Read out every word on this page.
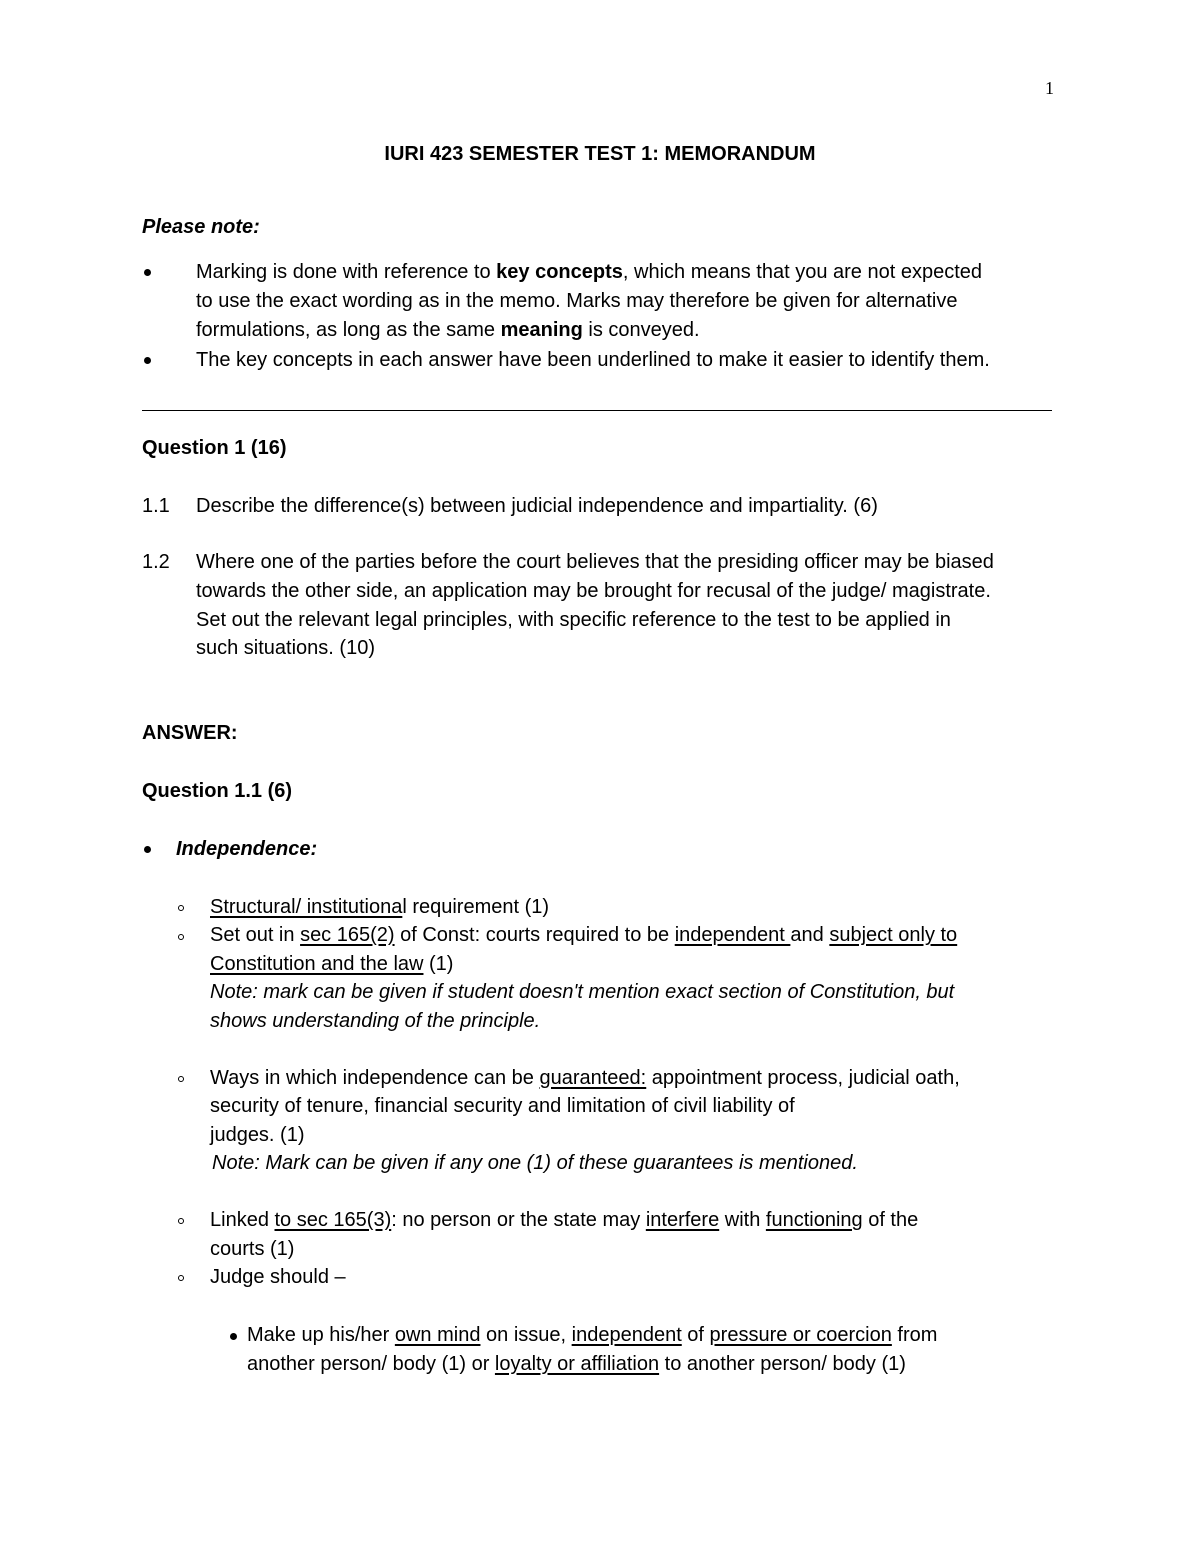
1
IURI 423 SEMESTER TEST 1: MEMORANDUM
Please note:
Marking is done with reference to key concepts, which means that you are not expected
to use the exact wording as in the memo. Marks may therefore be given for alternative
formulations, as long as the same meaning is conveyed.
The key concepts in each answer have been underlined to make it easier to identify them.
Question 1 (16)
1.1 Describe the difference(s) between judicial independence and impartiality. (6)
1.2 Where one of the parties before the court believes that the presiding officer may be biased
towards the other side, an application may be brought for recusal of the judge/ magistrate.
Set out the relevant legal principles, with specific reference to the test to be applied in
such situations. (10)
ANSWER:
Question 1.1 (6)
Independence:
Structural/ institutional requirement (1)
Set out in sec 165(2) of Const: courts required to be independent and subject only to
Constitution and the law (1)
Note: mark can be given if student doesn't mention exact section of Constitution, but
shows understanding of the principle.
Ways in which independence can be guaranteed: appointment process, judicial oath,
security of tenure, financial security and limitation of civil liability of
judges. (1)
Note: Mark can be given if any one (1) of these guarantees is mentioned.
Linked to sec 165(3): no person or the state may interfere with functioning of the
courts (1)
Judge should –
Make up his/her own mind on issue, independent of pressure or coercion from
another person/ body (1) or loyalty or affiliation to another person/ body (1)
